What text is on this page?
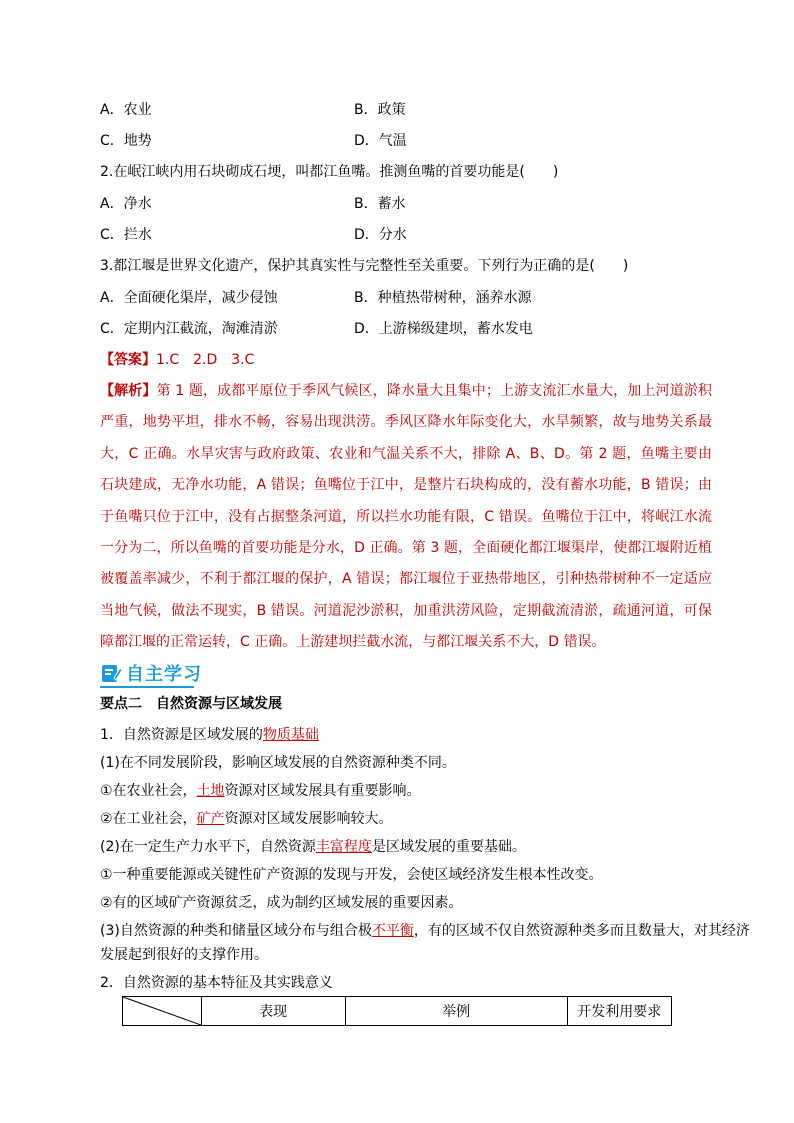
A．农业	B．政策
C．地势	D．气温
2.在岷江峡内用石块砌成石埂，叫都江鱼嘴。推测鱼嘴的首要功能是(　　)
A．净水	B．蓄水
C．拦水	D．分水
3.都江堰是世界文化遗产，保护其真实性与完整性至关重要。下列行为正确的是(　　)
A．全面硬化渠岸，减少侵蚀	B．种植热带树种，涵养水源
C．定期内江截流，淘滩清淤	D．上游梯级建坝，蓄水发电
【答案】1.C　2.D　3.C

【解析】第 1 题，成都平原位于季风气候区，降水量大且集中；上游支流汇水量大，加上河道淤积严重，地势平坦，排水不畅，容易出现洪涝。季风区降水年际变化大，水旱频繁，故与地势关系最大，C 正确。水旱灾害与政府政策、农业和气温关系不大，排除 A、B、D。第 2 题，鱼嘴主要由石块建成，无净水功能，A 错误；鱼嘴位于江中，是整片石块构成的，没有蓄水功能，B 错误；由于鱼嘴只位于江中，没有占据整条河道，所以拦水功能有限，C 错误。鱼嘴位于江中，将岷江水流一分为二，所以鱼嘴的首要功能是分水，D 正确。第 3 题，全面硬化都江堰渠岸，使都江堰附近植被覆盖率减少，不利于都江堰的保护，A 错误；都江堰位于亚热带地区，引种热带树种不一定适应当地气候，做法不现实，B 错误。河道泥沙淤积，加重洪涝风险，定期截流清淤，疏通河道，可保障都江堰的正常运转，C 正确。上游建坝拦截水流，与都江堰关系不大，D 错误。

自主学习
要点二　自然资源与区域发展
1．自然资源是区域发展的物质基础
(1)在不同发展阶段，影响区域发展的自然资源种类不同。
①在农业社会，土地资源对区域发展具有重要影响。
②在工业社会，矿产资源对区域发展影响较大。
(2)在一定生产力水平下，自然资源丰富程度是区域发展的重要基础。
①一种重要能源或关键性矿产资源的发现与开发，会使区域经济发生根本性改变。
②有的区域矿产资源贫乏，成为制约区域发展的重要因素。
(3)自然资源的种类和储量区域分布与组合极不平衡，有的区域不仅自然资源种类多而且数量大，对其经济
发展起到很好的支撑作用。
2．自然资源的基本特征及其实践意义
	表现	举例	开发利用要求
